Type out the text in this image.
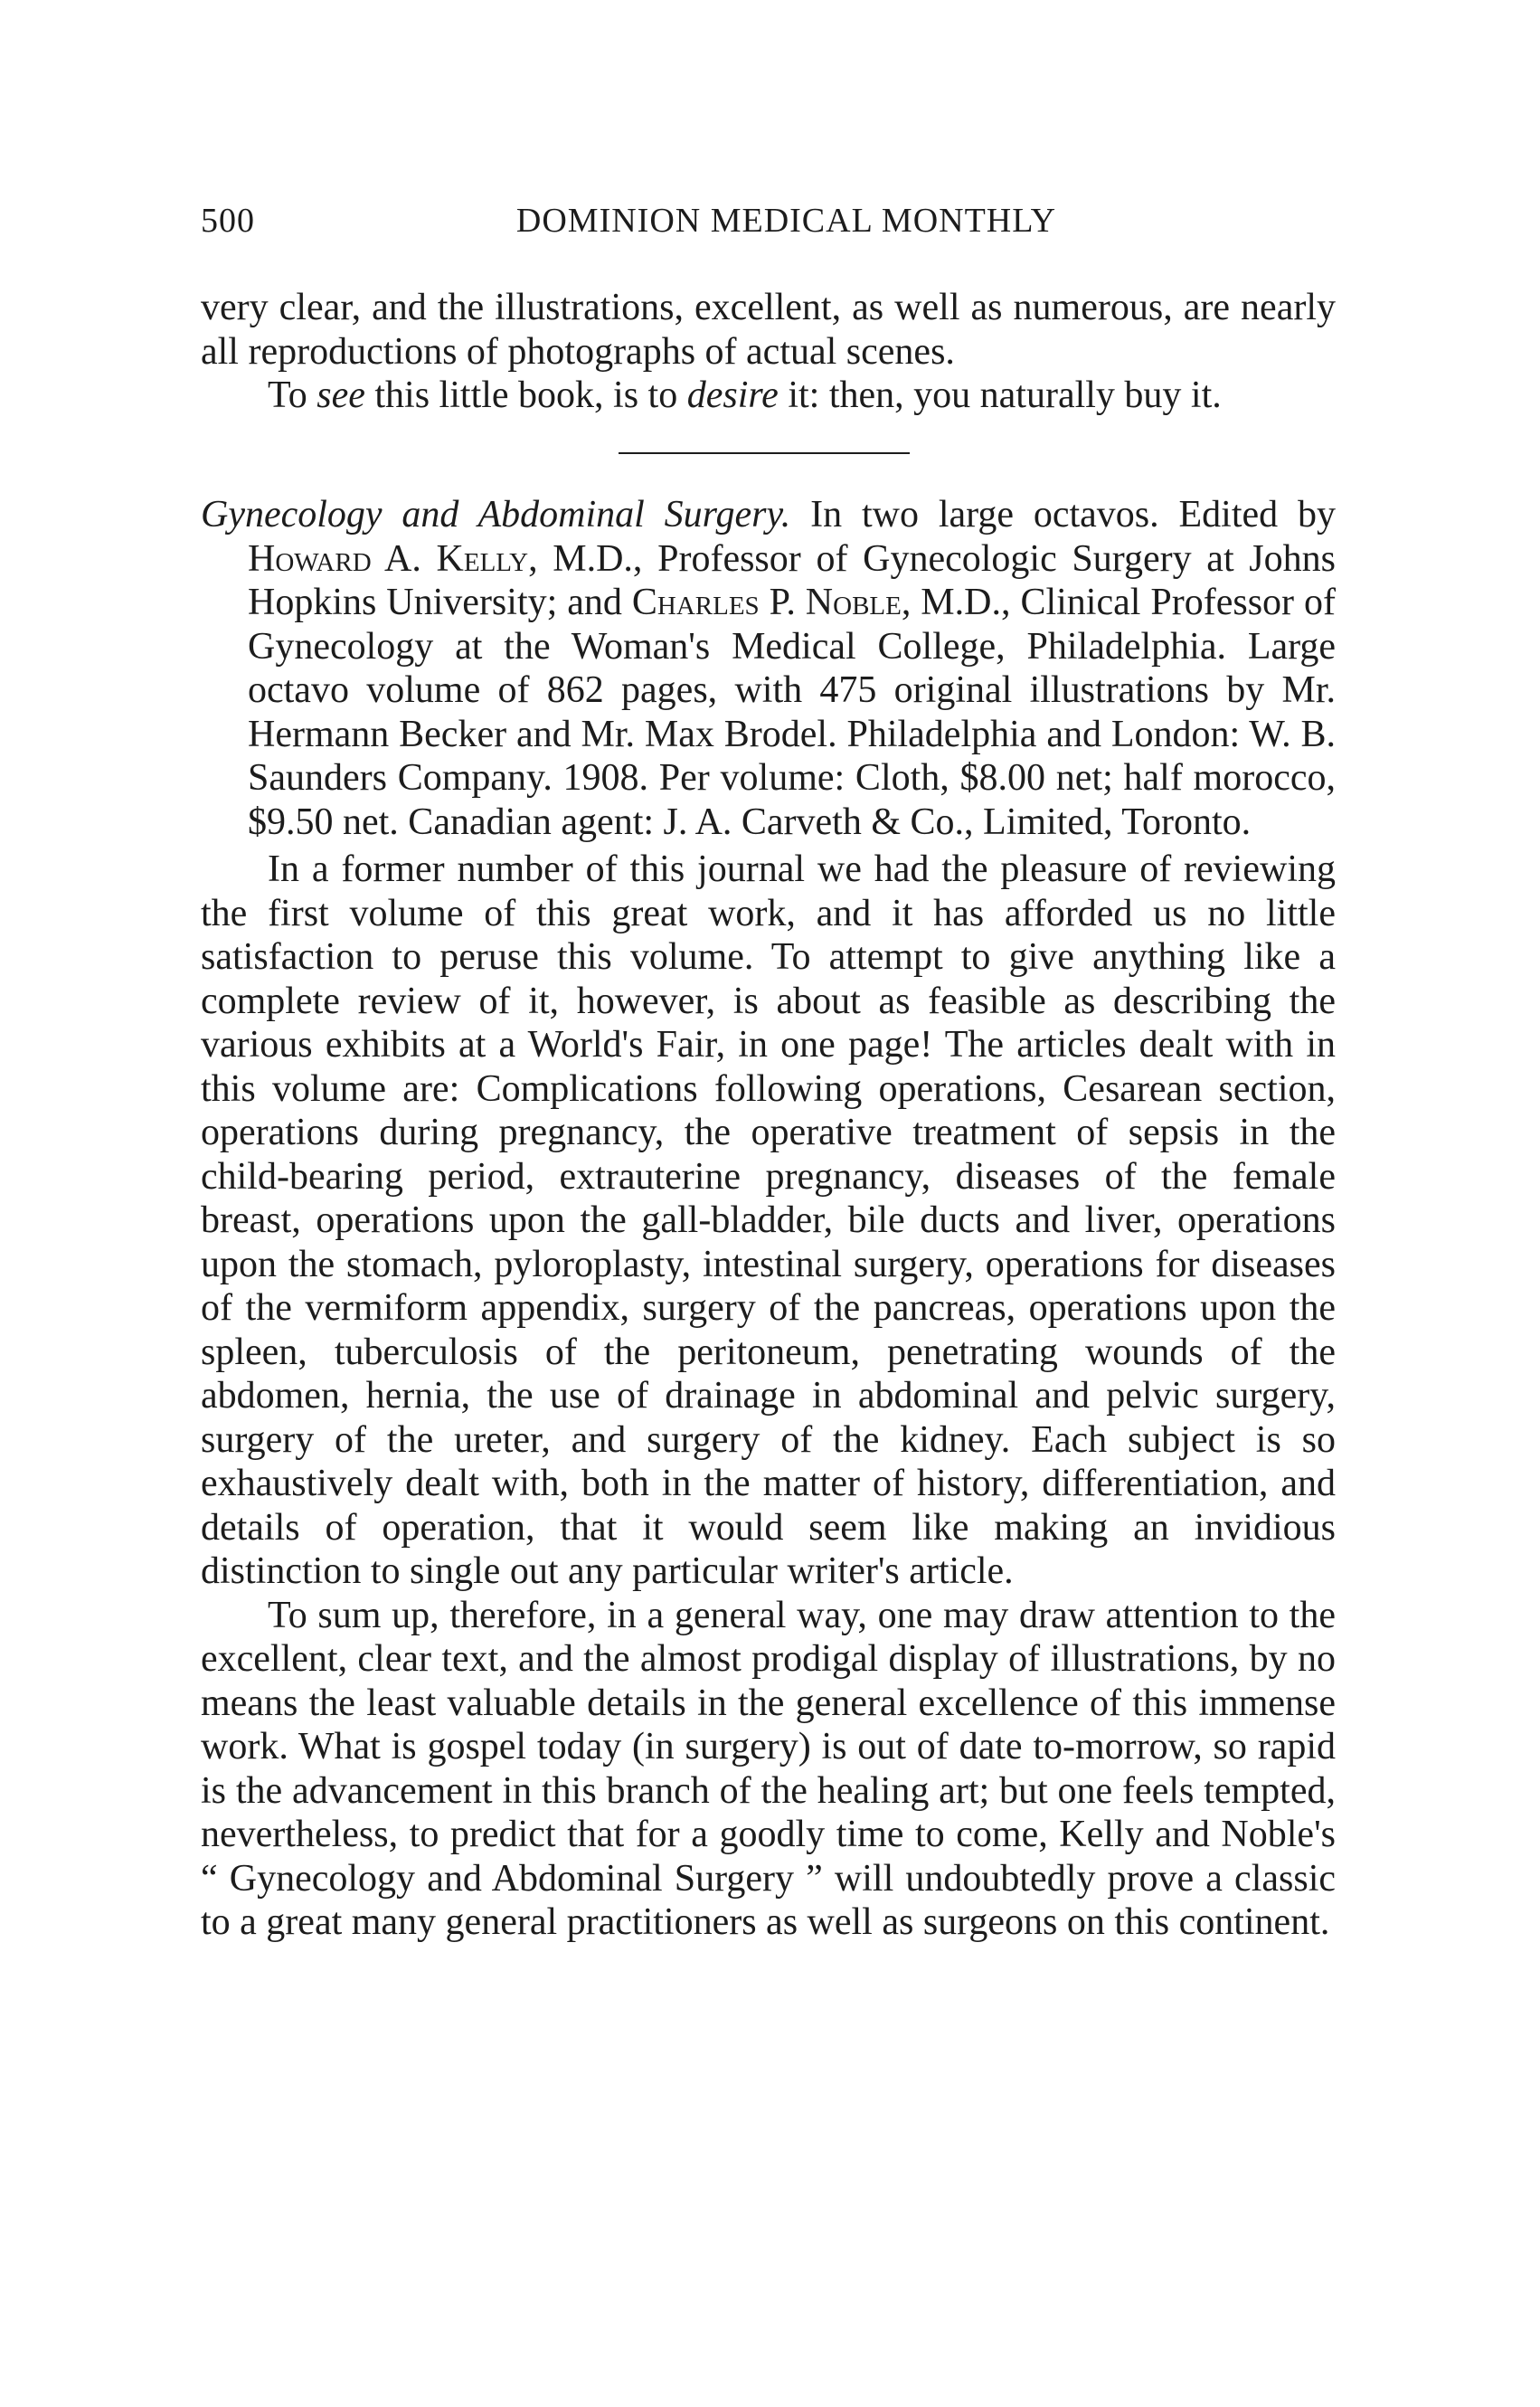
500	DOMINION MEDICAL MONTHLY

very clear, and the illustrations, excellent, as well as numerous, are nearly all reproductions of photographs of actual scenes.

To see this little book, is to desire it: then, you naturally buy it.

Gynecology and Abdominal Surgery. In two large octavos. Edited by Howard A. Kelly, M.D., Professor of Gynecologic Surgery at Johns Hopkins University; and Charles P. Noble, M.D., Clinical Professor of Gynecology at the Woman's Medical College, Philadelphia. Large octavo volume of 862 pages, with 475 original illustrations by Mr. Hermann Becker and Mr. Max Brodel. Philadelphia and London: W. B. Saunders Company. 1908. Per volume: Cloth, $8.00 net; half morocco, $9.50 net. Canadian agent: J. A. Carveth & Co., Limited, Toronto.

In a former number of this journal we had the pleasure of reviewing the first volume of this great work, and it has afforded us no little satisfaction to peruse this volume. To attempt to give anything like a complete review of it, however, is about as feasible as describing the various exhibits at a World's Fair, in one page! The articles dealt with in this volume are: Complications following operations, Cesarean section, operations during pregnancy, the operative treatment of sepsis in the child-bearing period, extrauterine pregnancy, diseases of the female breast, operations upon the gall-bladder, bile ducts and liver, operations upon the stomach, pyloroplasty, intestinal surgery, operations for diseases of the vermiform appendix, surgery of the pancreas, operations upon the spleen, tuberculosis of the peritoneum, penetrating wounds of the abdomen, hernia, the use of drainage in abdominal and pelvic surgery, surgery of the ureter, and surgery of the kidney. Each subject is so exhaustively dealt with, both in the matter of history, differentiation, and details of operation, that it would seem like making an invidious distinction to single out any particular writer's article.

To sum up, therefore, in a general way, one may draw attention to the excellent, clear text, and the almost prodigal display of illustrations, by no means the least valuable details in the general excellence of this immense work. What is gospel today (in surgery) is out of date to-morrow, so rapid is the advancement in this branch of the healing art; but one feels tempted, nevertheless, to predict that for a goodly time to come, Kelly and Noble's “ Gynecology and Abdominal Surgery ” will undoubtedly prove a classic to a great many general practitioners as well as surgeons on this continent.
